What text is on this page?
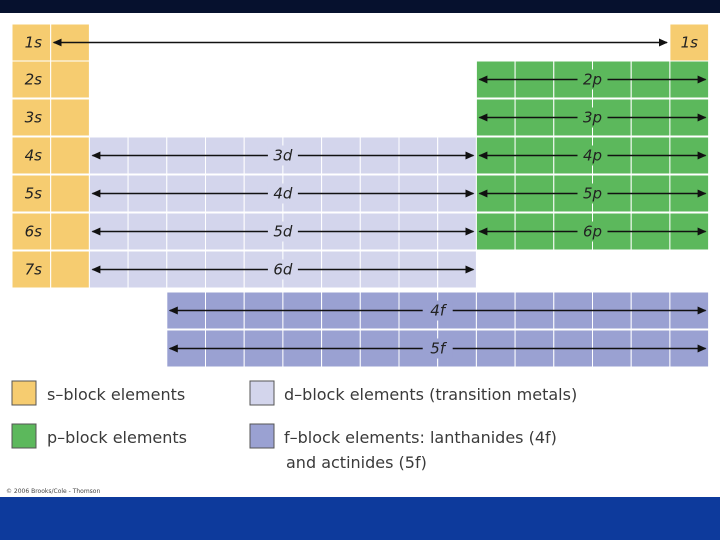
1s
2s
3s
4s
5s
6s
7s
1s
2p
3p
4p
5p
6p
3d
4d
5d
6d
4f
5f
s–block elements
p–block elements
d–block elements (transition metals)
f–block elements: lanthanides (4f)
and actinides (5f)
© 2006 Brooks/Cole - Thomson
